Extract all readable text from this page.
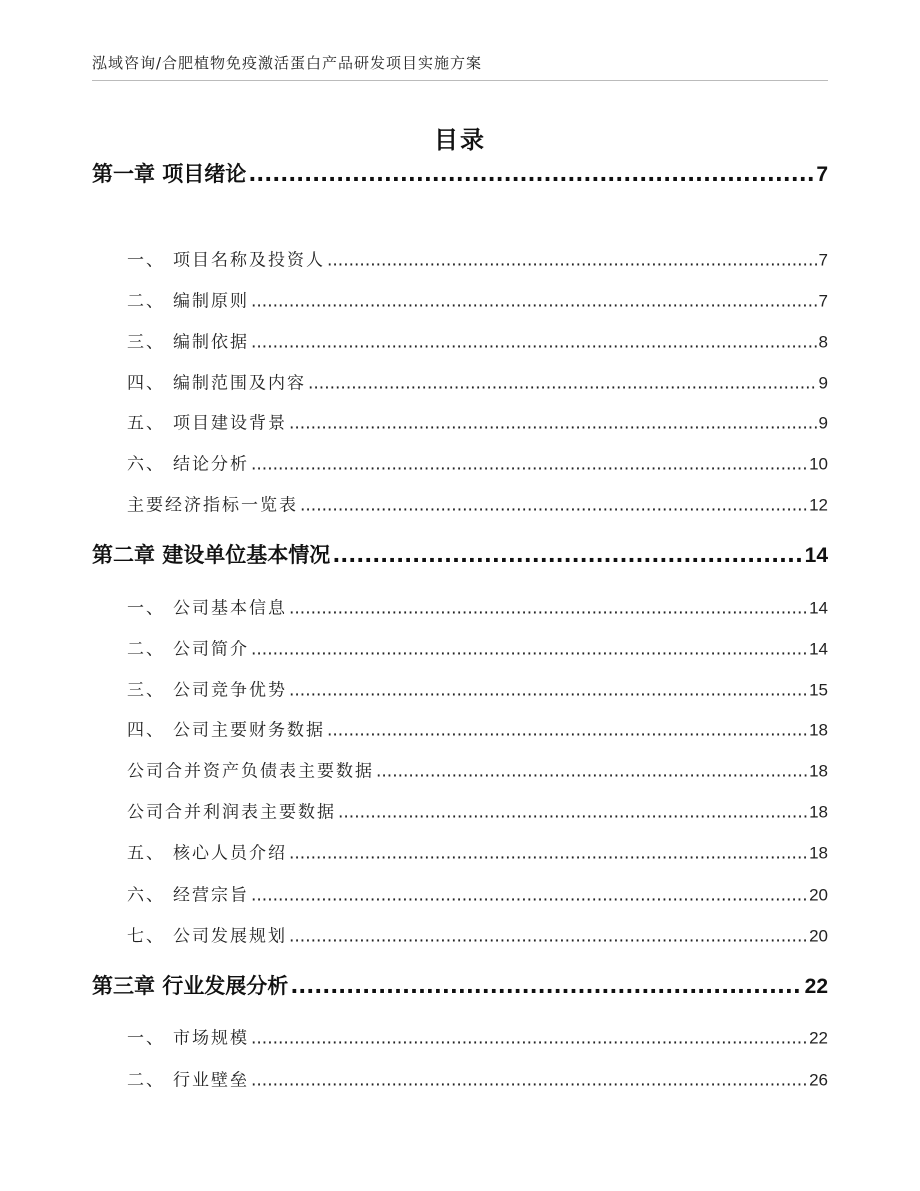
泓域咨询/合肥植物免疫激活蛋白产品研发项目实施方案
目录
第一章 项目绪论 .....	7
一、 项目名称及投资人 .....	7
二、 编制原则 .....	7
三、 编制依据 .....	8
四、 编制范围及内容 .....	9
五、 项目建设背景 .....	9
六、 结论分析 .....	10
主要经济指标一览表 .....	12
第二章 建设单位基本情况 .....	14
一、 公司基本信息 .....	14
二、 公司简介 .....	14
三、 公司竞争优势 .....	15
四、 公司主要财务数据 .....	18
公司合并资产负债表主要数据 .....	18
公司合并利润表主要数据 .....	18
五、 核心人员介绍 .....	18
六、 经营宗旨 .....	20
七、 公司发展规划 .....	20
第三章 行业发展分析 .....	22
一、 市场规模 .....	22
二、 行业壁垒 .....	26
